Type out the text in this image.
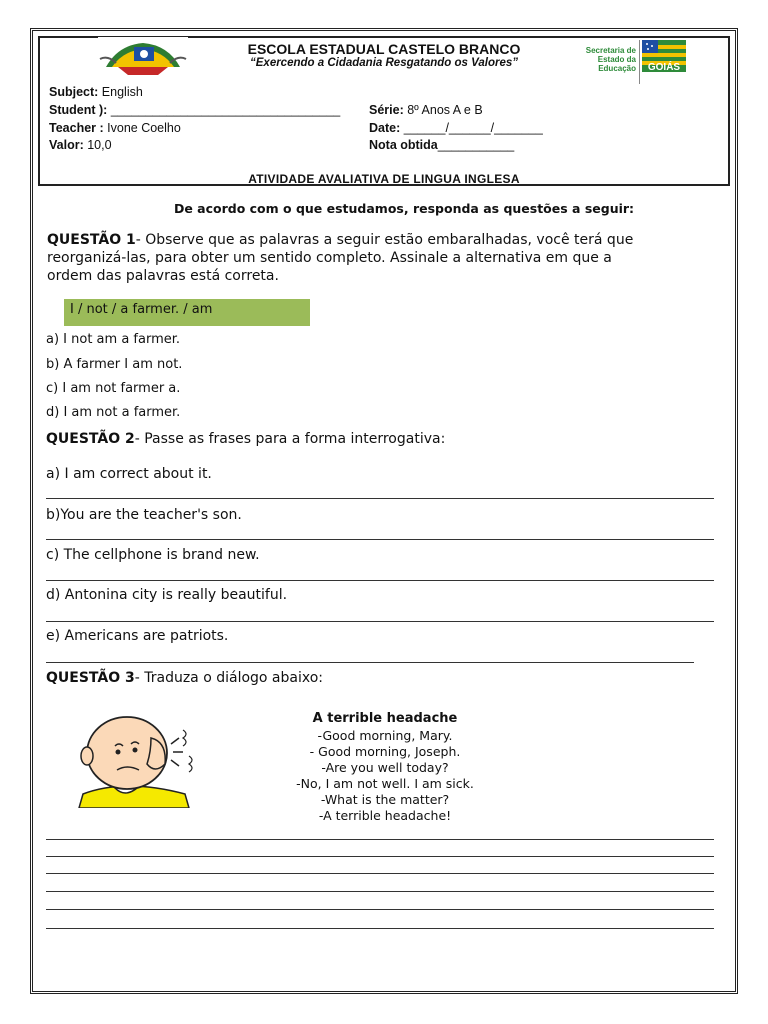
ESCOLA ESTADUAL CASTELO BRANCO
“Exercendo a Cidadania Resgatando os Valores”
Secretaria de
Estado da
Educação	GOIÁS
Subject: English
Student ): _________________________________ Série: 8º Anos A e B
Teacher : Ivone Coelho	Date: ______/______/_______
Valor: 10,0	Nota obtida___________
ATIVIDADE AVALIATIVA DE LINGUA INGLESA
De acordo com o que estudamos, responda as questões a seguir:
QUESTÃO 1- Observe que as palavras a seguir estão embaralhadas, você terá que
reorganizá-las, para obter um sentido completo. Assinale a alternativa em que a
ordem das palavras está correta.
I / not / a farmer. / am
a) I not am a farmer.
b) A farmer I am not.
c) I am not farmer a.
d) I am not a farmer.
QUESTÃO 2- Passe as frases para a forma interrogativa:
a) I am correct about it.
b)You are the teacher's son.
c) The cellphone is brand new.
d) Antonina city is really beautiful.
e) Americans are patriots.
QUESTÃO 3- Traduza o diálogo abaixo:
A terrible headache
-Good morning, Mary.
- Good morning, Joseph.
-Are you well today?
-No, I am not well. I am sick.
-What is the matter?
-A terrible headache!
